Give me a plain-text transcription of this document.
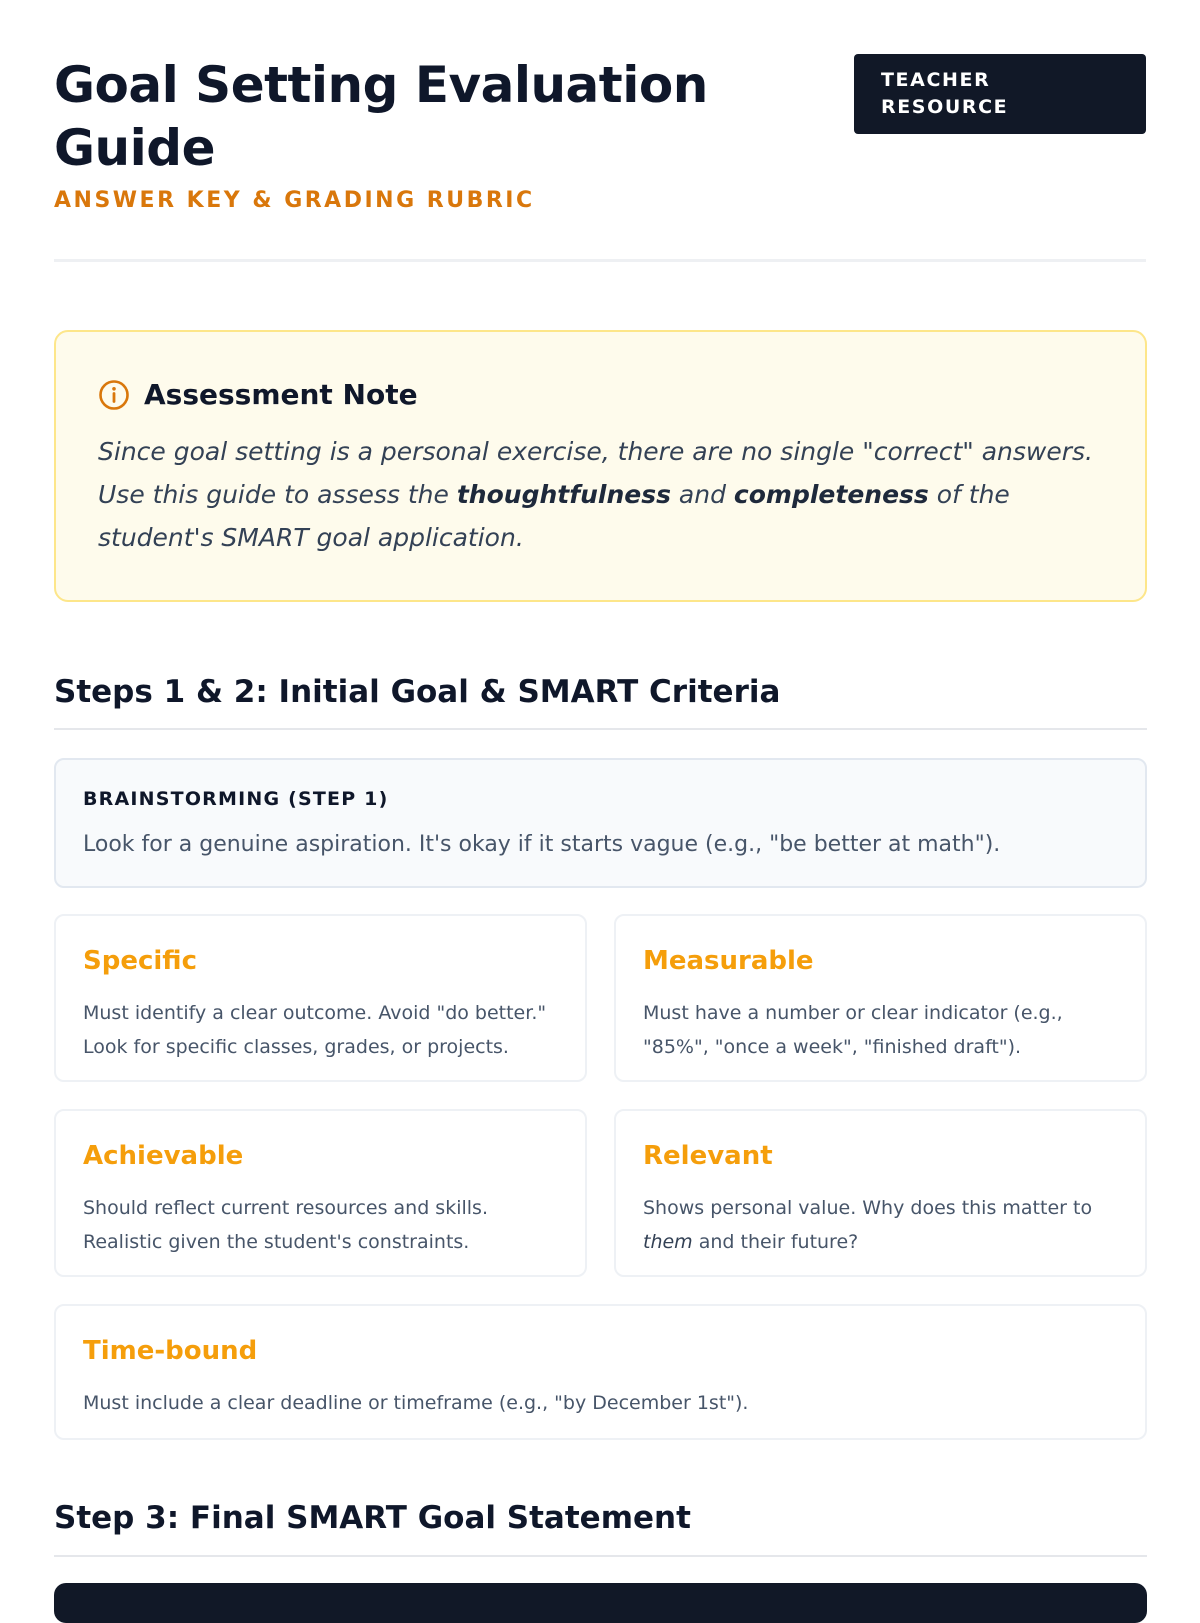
Goal Setting Evaluation Guide
ANSWER KEY & GRADING RUBRIC
TEACHER
RESOURCE
Assessment Note

Since goal setting is a personal exercise, there are no single "correct" answers. Use this guide to assess the thoughtfulness and completeness of the student's SMART goal application.

Steps 1 & 2: Initial Goal & SMART Criteria
BRAINSTORMING (STEP 1)
Look for a genuine aspiration. It's okay if it starts vague (e.g., "be better at math").
Specific
Must identify a clear outcome. Avoid "do better." Look for specific classes, grades, or projects.
Measurable
Must have a number or clear indicator (e.g., "85%", "once a week", "finished draft").
Achievable
Should reflect current resources and skills. Realistic given the student's constraints.
Relevant
Shows personal value. Why does this matter to them and their future?
Time-bound
Must include a clear deadline or timeframe (e.g., "by December 1st").
Step 3: Final SMART Goal Statement
